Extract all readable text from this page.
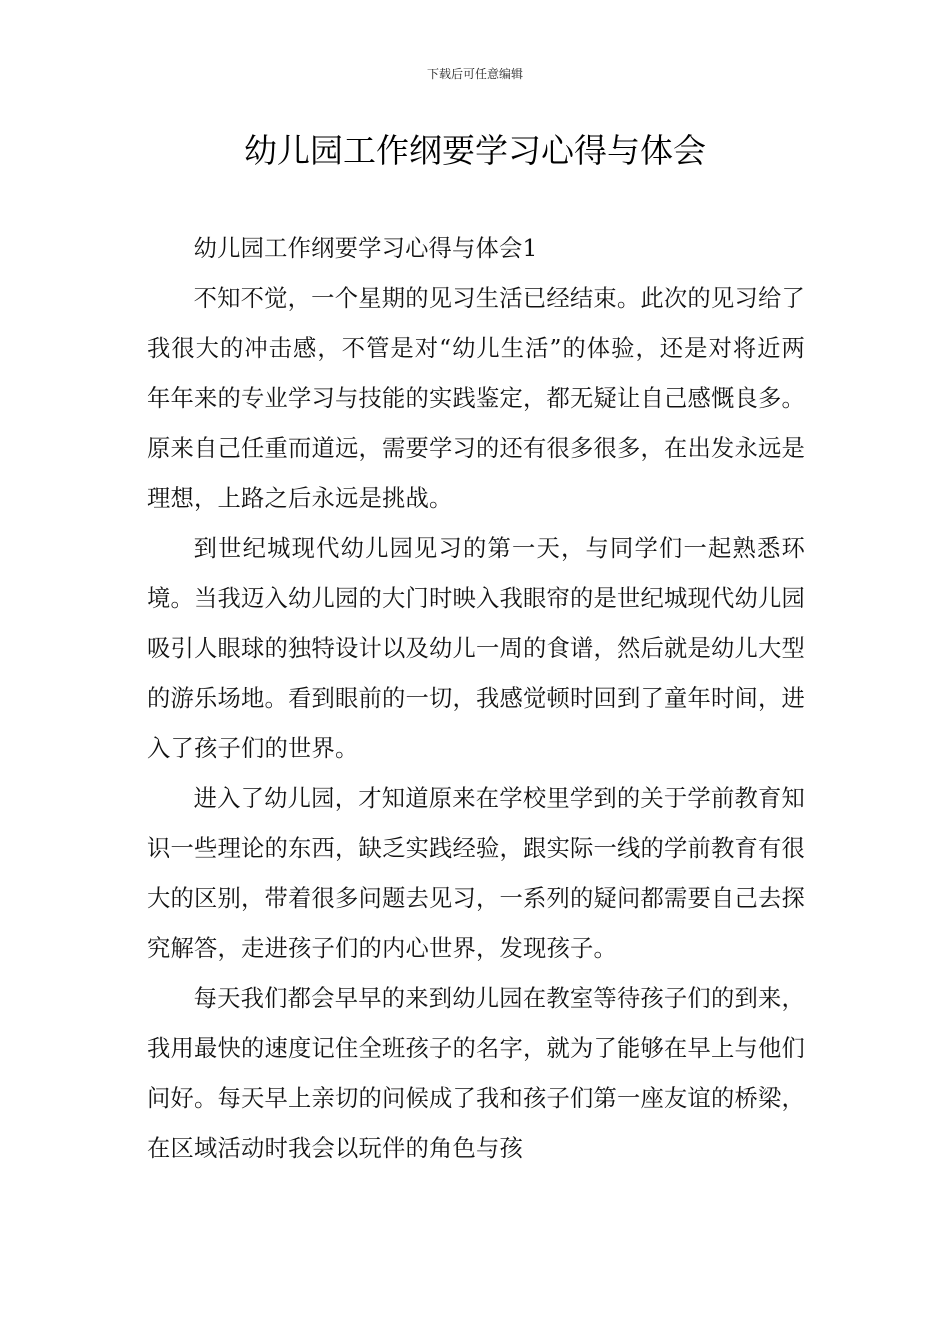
下载后可任意编辑
幼儿园工作纲要学习心得与体会

幼儿园工作纲要学习心得与体会1

不知不觉，一个星期的见习生活已经结束。此次的见习给了我很大的冲击感，不管是对“幼儿生活”的体验，还是对将近两年年来的专业学习与技能的实践鉴定，都无疑让自己感慨良多。原来自己任重而道远，需要学习的还有很多很多，在出发永远是理想，上路之后永远是挑战。

到世纪城现代幼儿园见习的第一天，与同学们一起熟悉环境。当我迈入幼儿园的大门时映入我眼帘的是世纪城现代幼儿园吸引人眼球的独特设计以及幼儿一周的食谱，然后就是幼儿大型的游乐场地。看到眼前的一切，我感觉顿时回到了童年时间，进入了孩子们的世界。

进入了幼儿园，才知道原来在学校里学到的关于学前教育知识一些理论的东西，缺乏实践经验，跟实际一线的学前教育有很大的区别，带着很多问题去见习，一系列的疑问都需要自己去探究解答，走进孩子们的内心世界，发现孩子。

每天我们都会早早的来到幼儿园在教室等待孩子们的到来，我用最快的速度记住全班孩子的名字，就为了能够在早上与他们问好。每天早上亲切的问候成了我和孩子们第一座友谊的桥梁，在区域活动时我会以玩伴的角色与孩
